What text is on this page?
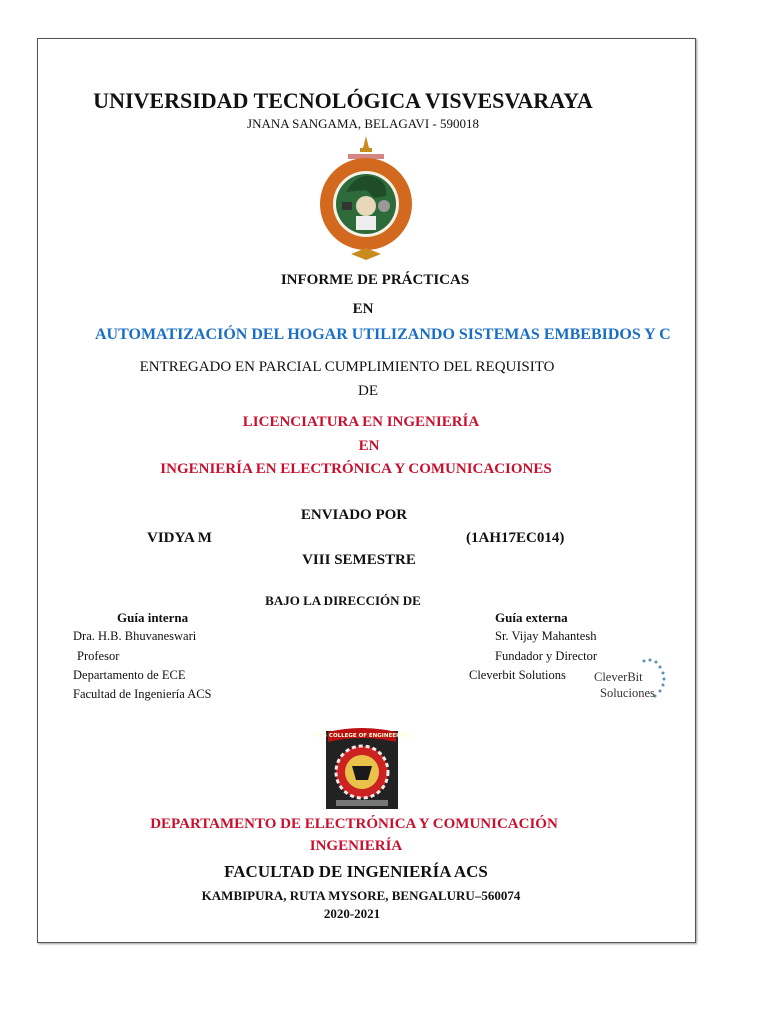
UNIVERSIDAD TECNOLÓGICA VISVESVARAYA
JNANA SANGAMA, BELAGAVI - 590018
INFORME DE PRÁCTICAS
EN
AUTOMATIZACIÓN DEL HOGAR UTILIZANDO SISTEMAS EMBEBIDOS Y C
ENTREGADO EN PARCIAL CUMPLIMIENTO DEL REQUISITO
DE
LICENCIATURA EN INGENIERÍA
EN
INGENIERÍA EN ELECTRÓNICA Y COMUNICACIONES
ENVIADO POR
VIDYA M	(1AH17EC014)
VIII SEMESTRE
BAJO LA DIRECCIÓN DE
Guía interna
Dra. H.B. Bhuvaneswari
Profesor
Departamento de ECE
Facultad de Ingeniería ACS
Guía externa
Sr. Vijay Mahantesh
Fundador y Director
Cleverbit Solutions CleverBit
Soluciones
ACS COLLEGE OF ENGINEERING
DEPARTAMENTO DE ELECTRÓNICA Y COMUNICACIÓN
INGENIERÍA
FACULTAD DE INGENIERÍA ACS
KAMBIPURA, RUTA MYSORE, BENGALURU–560074
2020-2021
